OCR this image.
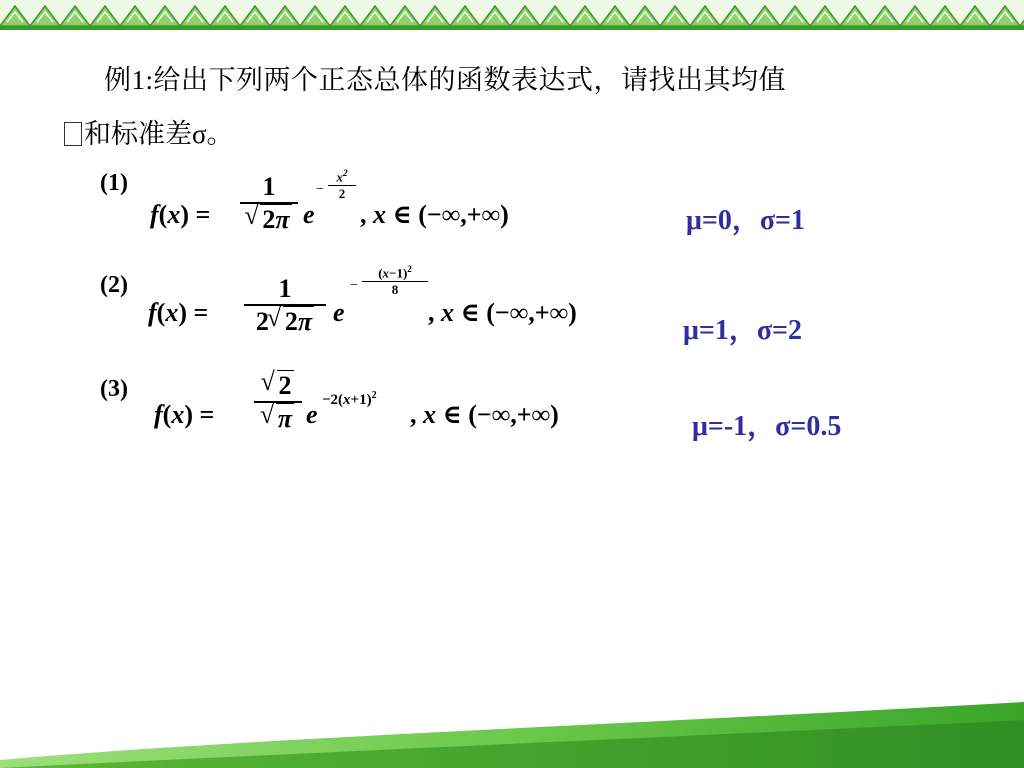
例1:给出下列两个正态总体的函数表达式，请找出其均值
和标准差σ。
(1)
f(x) =
1
√ 2π e
−
$x^2$
2
, x ∈ (−∞,+∞)	μ=0，σ=1
(2)
f(x) =
1
2√ 2π e
−
$(x-1)^2$
8
, x ∈ (−∞,+∞)
μ=1，σ=2
(3)
f(x) =
√ 2
√ π $e -2(x+1)^2$
, x ∈ (−∞,+∞)	μ=-1，σ=0.5
